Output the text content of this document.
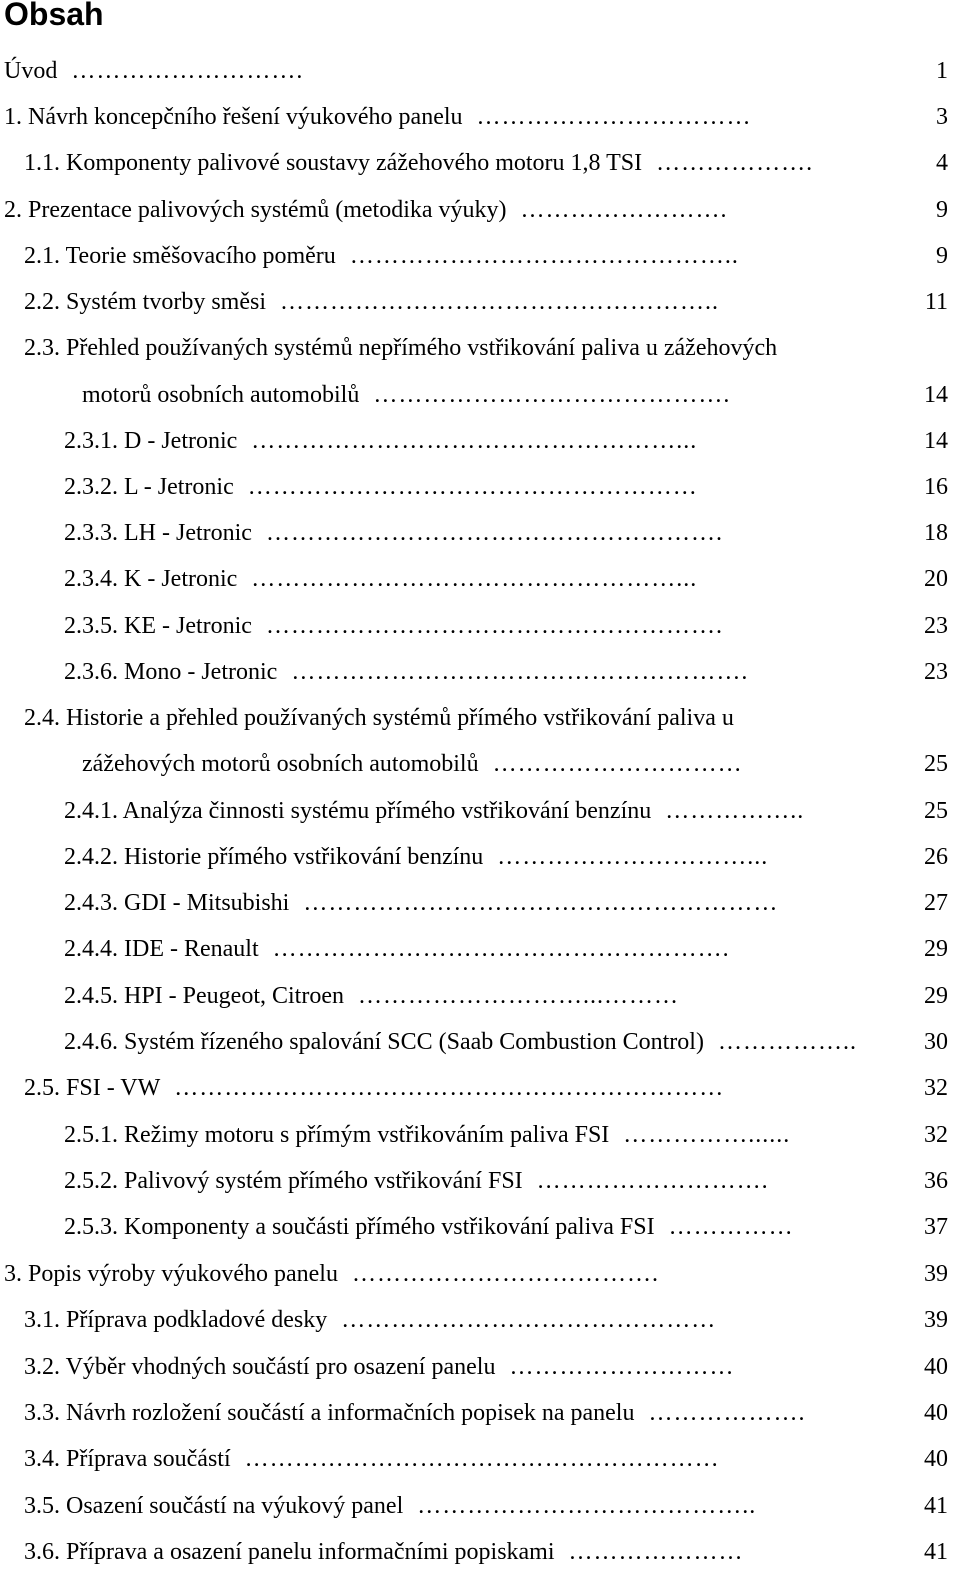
Obsah
Úvod ……………………….	1
1. Návrh koncepčního řešení výukového panelu ……………………………	3
1.1. Komponenty palivové soustavy zážehového motoru 1,8 TSI ……………….	4
2. Prezentace palivových systémů (metodika výuky) …………………….	9
2.1. Teorie směšovacího poměru ………………………………………..	9
2.2. Systém tvorby směsi ……………………………………………..	11
2.3. Přehled používaných systémů nepřímého vstřikování paliva u zážehových
motorů osobních automobilů …………………………………….	14
2.3.1. D - Jetronic ……………………………………………...	14
2.3.2. L - Jetronic ………………………………………………	16
2.3.3. LH - Jetronic ……………………………………………….	18
2.3.4. K - Jetronic ……………………………………………...	20
2.3.5. KE - Jetronic ……………………………………………….	23
2.3.6. Mono - Jetronic ……………………………………………….	23
2.4. Historie a přehled používaných systémů přímého vstřikování paliva u
zážehových motorů osobních automobilů …………………………	25
2.4.1. Analýza činnosti systému přímého vstřikování benzínu ……………..	25
2.4.2. Historie přímého vstřikování benzínu …………………………...	26
2.4.3. GDI - Mitsubishi …………………………………………………	27
2.4.4. IDE - Renault ……………………………………………….	29
2.4.5. HPI - Peugeot, Citroen ………………………...………	29
2.4.6. Systém řízeného spalování SCC (Saab Combustion Control) ……………..	30
2.5. FSI - VW …………………………………………………………	32
2.5.1. Režimy motoru s přímým vstřikováním paliva FSI ……………......	32
2.5.2. Palivový systém přímého vstřikování FSI ……………………….	36
2.5.3. Komponenty a součásti přímého vstřikování paliva FSI ……………	37
3. Popis výroby výukového panelu ……………………………….	39
3.1. Příprava podkladové desky ………………………………………	39
3.2. Výběr vhodných součástí pro osazení panelu ………………………	40
3.3. Návrh rozložení součástí a informačních popisek na panelu ……………….	40
3.4. Příprava součástí …………………………………………………	40
3.5. Osazení součástí na výukový panel …………………………………..	41
3.6. Příprava a osazení panelu informačními popiskami …………………	41
